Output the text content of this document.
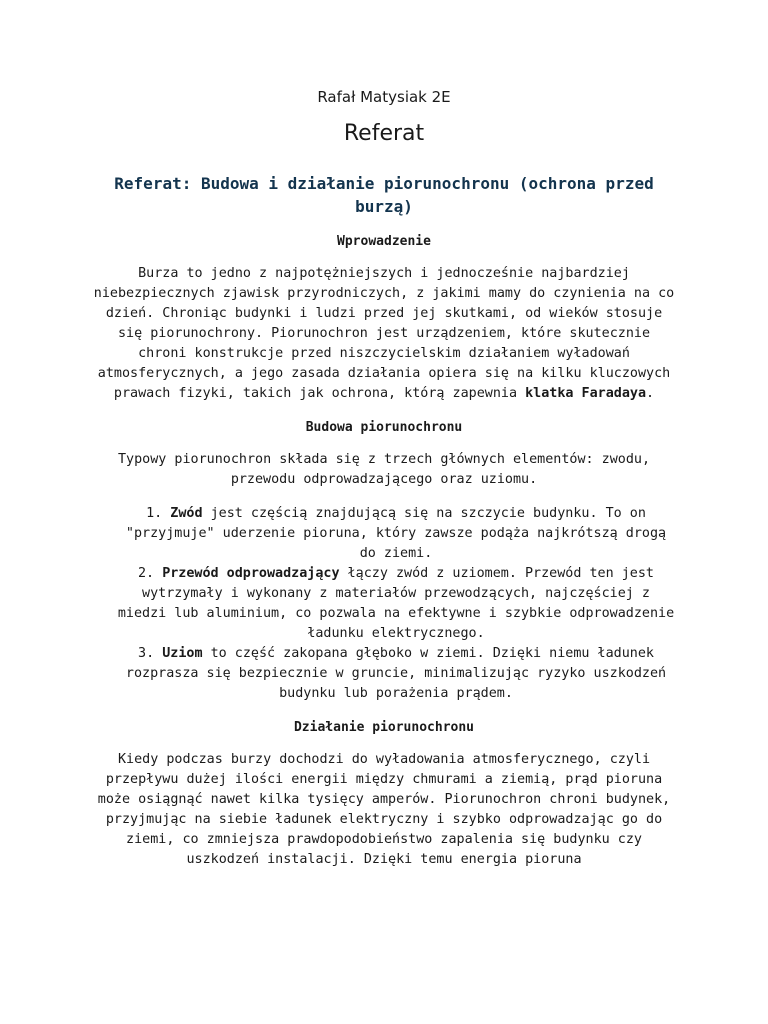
Rafał Matysiak 2E
Referat
Referat: Budowa i działanie piorunochronu (ochrona przed burzą)
Wprowadzenie

Burza to jedno z najpotężniejszych i jednocześnie najbardziej niebezpiecznych zjawisk przyrodniczych, z jakimi mamy do czynienia na co dzień. Chroniąc budynki i ludzi przed jej skutkami, od wieków stosuje się piorunochrony. Piorunochron jest urządzeniem, które skutecznie chroni konstrukcje przed niszczycielskim działaniem wyładowań atmosferycznych, a jego zasada działania opiera się na kilku kluczowych prawach fizyki, takich jak ochrona, którą zapewnia klatka Faradaya.

Budowa piorunochronu

Typowy piorunochron składa się z trzech głównych elementów: zwodu, przewodu odprowadzającego oraz uziomu.

1. Zwód jest częścią znajdującą się na szczycie budynku. To on "przyjmuje" uderzenie pioruna, który zawsze podąża najkrótszą drogą do ziemi.
2. Przewód odprowadzający łączy zwód z uziomem. Przewód ten jest wytrzymały i wykonany z materiałów przewodzących, najczęściej z miedzi lub aluminium, co pozwala na efektywne i szybkie odprowadzenie ładunku elektrycznego.
3. Uziom to część zakopana głęboko w ziemi. Dzięki niemu ładunek rozprasza się bezpiecznie w gruncie, minimalizując ryzyko uszkodzeń budynku lub porażenia prądem.
Działanie piorunochronu

Kiedy podczas burzy dochodzi do wyładowania atmosferycznego, czyli przepływu dużej ilości energii między chmurami a ziemią, prąd pioruna może osiągnąć nawet kilka tysięcy amperów. Piorunochron chroni budynek, przyjmując na siebie ładunek elektryczny i szybko odprowadzając go do ziemi, co zmniejsza prawdopodobieństwo zapalenia się budynku czy uszkodzeń instalacji. Dzięki temu energia pioruna
